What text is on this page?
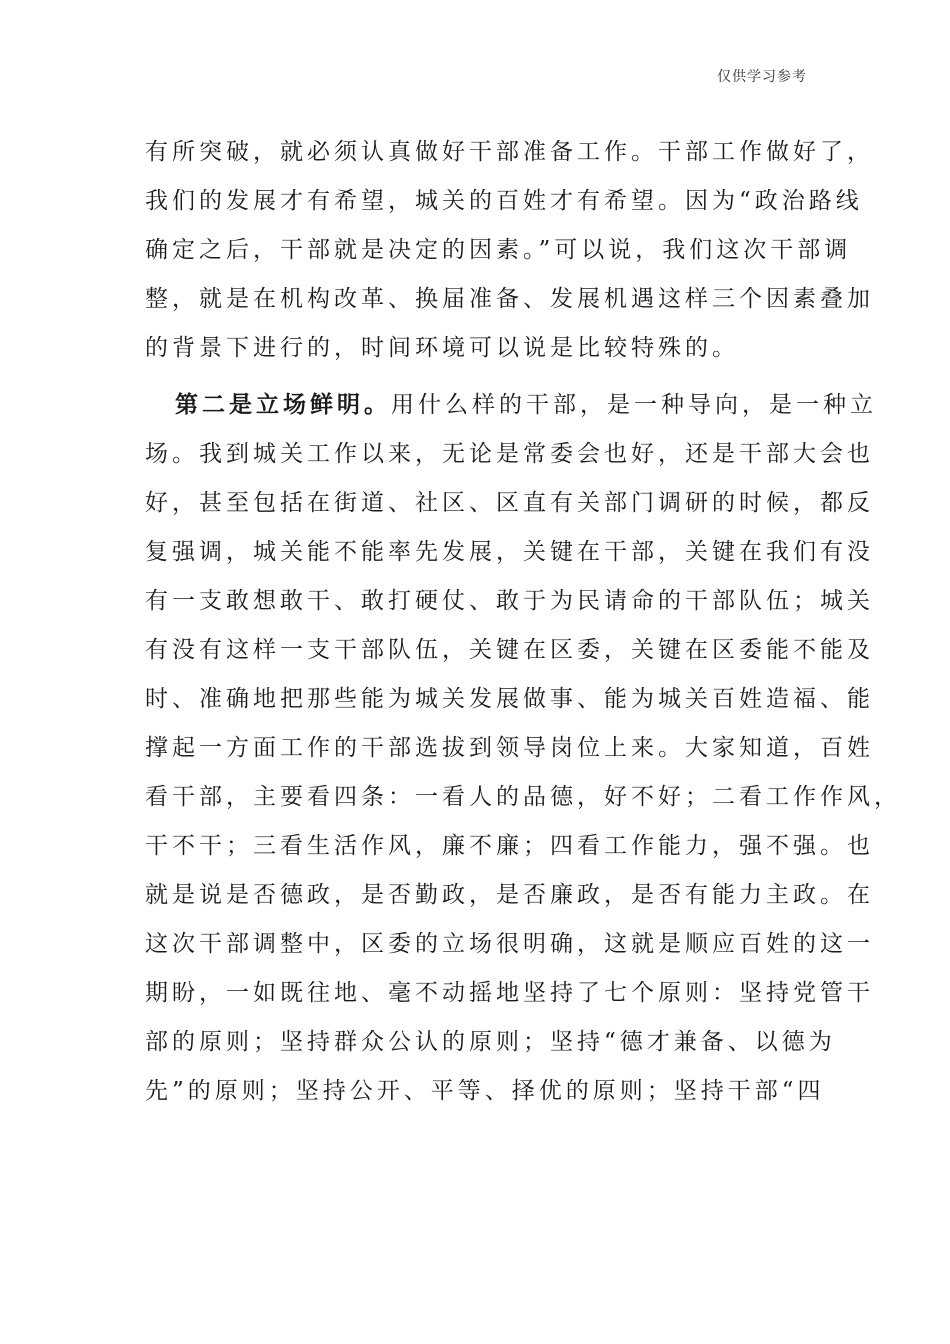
仅供学习参考
有所突破，就必须认真做好干部准备工作。干部工作做好了，
我们的发展才有希望，城关的百姓才有希望。因为“政治路线
确定之后，干部就是决定的因素。”可以说，我们这次干部调
整，就是在机构改革、换届准备、发展机遇这样三个因素叠加
的背景下进行的，时间环境可以说是比较特殊的。
第二是立场鲜明。用什么样的干部，是一种导向，是一种立
场。我到城关工作以来，无论是常委会也好，还是干部大会也
好，甚至包括在街道、社区、区直有关部门调研的时候，都反
复强调，城关能不能率先发展，关键在干部，关键在我们有没
有一支敢想敢干、敢打硬仗、敢于为民请命的干部队伍；城关
有没有这样一支干部队伍，关键在区委，关键在区委能不能及
时、准确地把那些能为城关发展做事、能为城关百姓造福、能
撑起一方面工作的干部选拔到领导岗位上来。大家知道，百姓
看干部，主要看四条：一看人的品德，好不好；二看工作作风，
干不干；三看生活作风，廉不廉；四看工作能力，强不强。也
就是说是否德政，是否勤政，是否廉政，是否有能力主政。在
这次干部调整中，区委的立场很明确，这就是顺应百姓的这一
期盼，一如既往地、毫不动摇地坚持了七个原则：坚持党管干
部的原则；坚持群众公认的原则；坚持“德才兼备、以德为
先”的原则；坚持公开、平等、择优的原则；坚持干部“四
